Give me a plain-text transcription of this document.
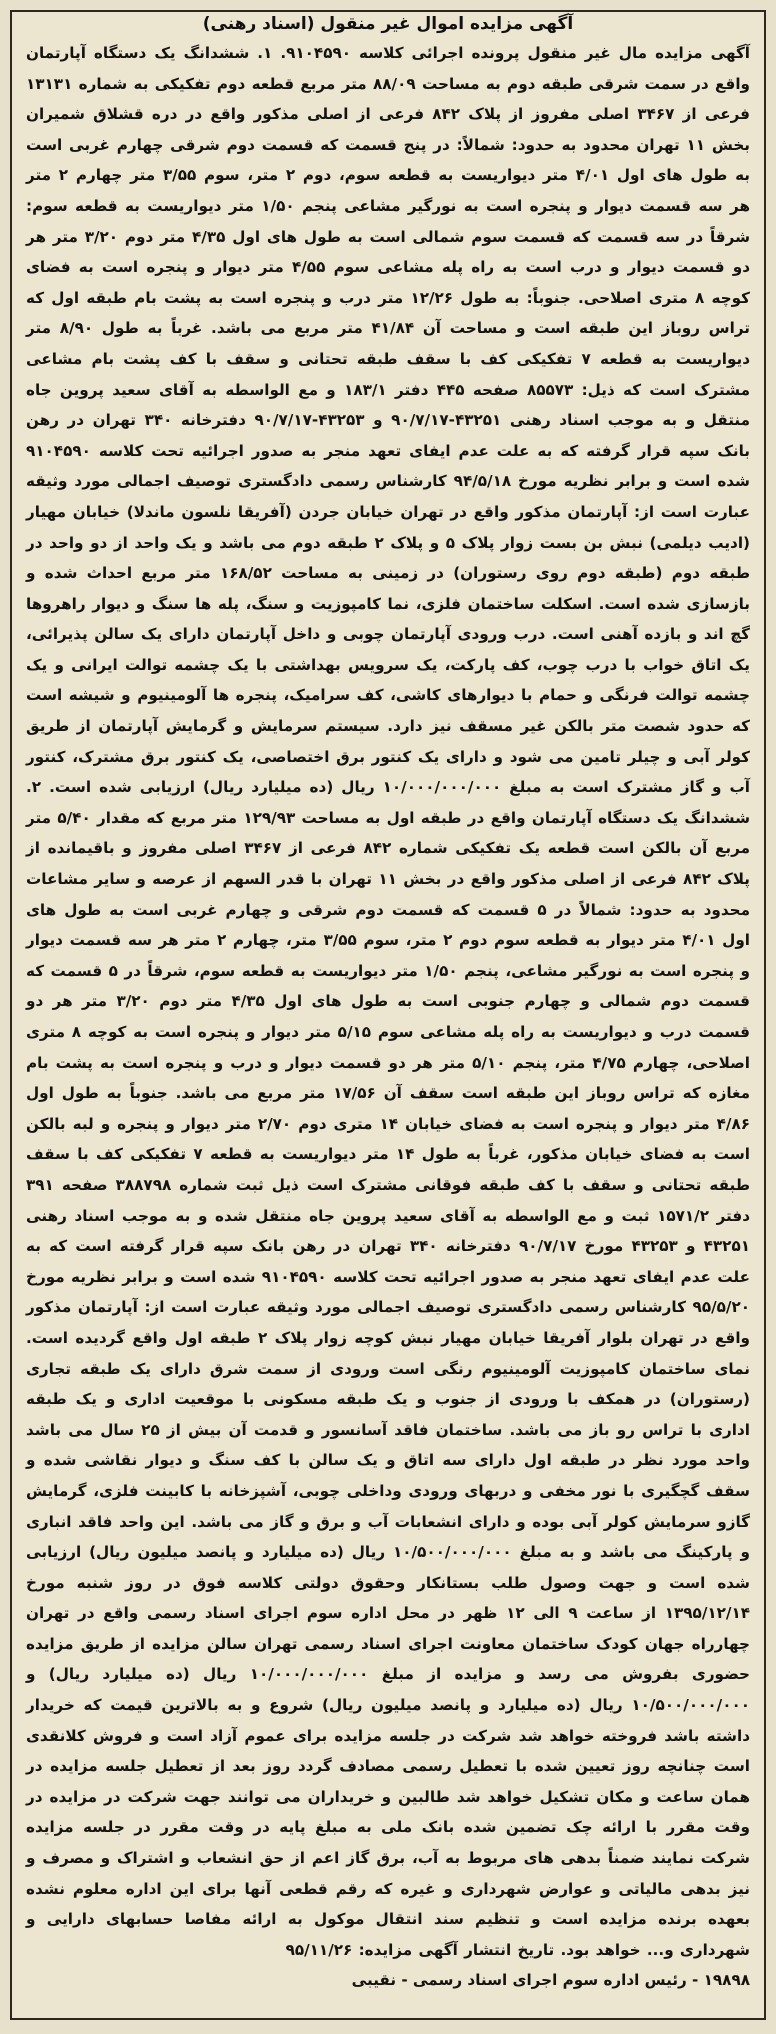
آگهی مزایده اموال غیر منقول (اسناد رهنی)

آگهی مزایده مال غیر منقول پرونده اجرائی کلاسه ۹۱۰۴۵۹۰. ۱. ششدانگ یک دستگاه آپارتمان واقع در سمت شرقی طبقه دوم به مساحت ۸۸/۰۹ متر مربع قطعه دوم تفکیکی به شماره ۱۳۱۳۱ فرعی از ۳۴۶۷ اصلی مفروز از پلاک ۸۴۲ فرعی از اصلی مذکور واقع در دره قشلاق شمیران بخش ۱۱ تهران محدود به حدود: شمالاً: در پنج قسمت که قسمت دوم شرقی چهارم غربی است به طول های اول ۴/۰۱ متر دیواریست به قطعه سوم، دوم ۲ متر، سوم ۳/۵۵ متر چهارم ۲ متر هر سه قسمت دیوار و پنجره است به نورگیر مشاعی پنجم ۱/۵۰ متر دیواریست به قطعه سوم: شرقاً در سه قسمت که قسمت سوم شمالی است به طول های اول ۴/۳۵ متر دوم ۳/۲۰ متر هر دو قسمت دیوار و درب است به راه پله مشاعی سوم ۴/۵۵ متر دیوار و پنجره است به فضای کوچه ۸ متری اصلاحی. جنوباً: به طول ۱۲/۲۶ متر درب و پنجره است به پشت بام طبقه اول که تراس روباز این طبقه است و مساحت آن ۴۱/۸۴ متر مربع می باشد. غرباً به طول ۸/۹۰ متر دیواریست به قطعه ۷ تفکیکی کف با سقف طبقه تحتانی و سقف با کف پشت بام مشاعی مشترک است که ذیل: ۸۵۵۷۳ صفحه ۴۴۵ دفتر ۱۸۳/۱ و مع الواسطه به آقای سعید پروین جاه منتقل و به موجب اسناد رهنی ۴۳۲۵۱-۹۰/۷/۱۷ و ۴۳۲۵۳-۹۰/۷/۱۷ دفترخانه ۳۴۰ تهران در رهن بانک سپه قرار گرفته که به علت عدم ایفای تعهد منجر به صدور اجرائیه تحت کلاسه ۹۱۰۴۵۹۰ شده است و برابر نظریه مورخ ۹۴/۵/۱۸ کارشناس رسمی دادگستری توصیف اجمالی مورد وثیقه عبارت است از: آپارتمان مذکور واقع در تهران خیابان جردن (آفریقا نلسون ماندلا) خیابان مهیار (ادیب دیلمی) نبش بن بست زوار پلاک ۵ و پلاک ۲ طبقه دوم می باشد و یک واحد از دو واحد در طبقه دوم (طبقه دوم روی رستوران) در زمینی به مساحت ۱۶۸/۵۲ متر مربع احداث شده و بازسازی شده است. اسکلت ساختمان فلزی، نما کامپوزیت و سنگ، پله ها سنگ و دیوار راهروها گچ اند و بازده آهنی است. درب ورودی آپارتمان چوبی و داخل آپارتمان دارای یک سالن پذیرائی، یک اتاق خواب با درب چوب، کف پارکت، یک سرویس بهداشتی با یک چشمه توالت ایرانی و یک چشمه توالت فرنگی و حمام با دیوارهای کاشی، کف سرامیک، پنجره ها آلومینیوم و شیشه است که حدود شصت متر بالکن غیر مسقف نیز دارد. سیستم سرمایش و گرمایش آپارتمان از طریق کولر آبی و چیلر تامین می شود و دارای یک کنتور برق اختصاصی، یک کنتور برق مشترک، کنتور آب و گاز مشترک است به مبلغ ۱۰/۰۰۰/۰۰۰/۰۰۰ ریال (ده میلیارد ریال) ارزیابی شده است. ۲. ششدانگ یک دستگاه آپارتمان واقع در طبقه اول به مساحت ۱۲۹/۹۳ متر مربع که مقدار ۵/۴۰ متر مربع آن بالکن است قطعه یک تفکیکی شماره ۸۴۲ فرعی از ۳۴۶۷ اصلی مفروز و باقیمانده از پلاک ۸۴۲ فرعی از اصلی مذکور واقع در بخش ۱۱ تهران با قدر السهم از عرصه و سایر مشاعات محدود به حدود: شمالاً در ۵ قسمت که قسمت دوم شرقی و چهارم غربی است به طول های اول ۴/۰۱ متر دیوار به قطعه سوم دوم ۲ متر، سوم ۳/۵۵ متر، چهارم ۲ متر هر سه قسمت دیوار و پنجره است به نورگیر مشاعی، پنجم ۱/۵۰ متر دیواریست به قطعه سوم، شرقاً در ۵ قسمت که قسمت دوم شمالی و چهارم جنوبی است به طول های اول ۴/۳۵ متر دوم ۳/۲۰ متر هر دو قسمت درب و دیواریست به راه پله مشاعی سوم ۵/۱۵ متر دیوار و پنجره است به کوچه ۸ متری اصلاحی، چهارم ۴/۷۵ متر، پنجم ۵/۱۰ متر هر دو قسمت دیوار و درب و پنجره است به پشت بام مغازه که تراس روباز این طبقه است سقف آن ۱۷/۵۶ متر مربع می باشد. جنوباً به طول اول ۴/۸۶ متر دیوار و پنجره است به فضای خیابان ۱۴ متری دوم ۲/۷۰ متر دیوار و پنجره و لبه بالکن است به فضای خیابان مذکور، غرباً به طول ۱۴ متر دیواریست به قطعه ۷ تفکیکی کف با سقف طبقه تحتانی و سقف با کف طبقه فوقانی مشترک است ذیل ثبت شماره ۳۸۸۷۹۸ صفحه ۳۹۱ دفتر ۱۵۷۱/۲ ثبت و مع الواسطه به آقای سعید پروین جاه منتقل شده و به موجب اسناد رهنی ۴۳۲۵۱ و ۴۳۲۵۳ مورخ ۹۰/۷/۱۷ دفترخانه ۳۴۰ تهران در رهن بانک سپه قرار گرفته است که به علت عدم ایفای تعهد منجر به صدور اجرائیه تحت کلاسه ۹۱۰۴۵۹۰ شده است و برابر نظریه مورخ ۹۵/۵/۲۰ کارشناس رسمی دادگستری توصیف اجمالی مورد وثیقه عبارت است از: آپارتمان مذکور واقع در تهران بلوار آفریقا خیابان مهیار نبش کوچه زوار پلاک ۲ طبقه اول واقع گردیده است. نمای ساختمان کامپوزیت آلومینیوم رنگی است ورودی از سمت شرق دارای یک طبقه تجاری (رستوران) در همکف با ورودی از جنوب و یک طبقه مسکونی با موقعیت اداری و یک طبقه اداری با تراس رو باز می باشد. ساختمان فاقد آسانسور و قدمت آن بیش از ۲۵ سال می باشد واحد مورد نظر در طبقه اول دارای سه اتاق و یک سالن با کف سنگ و دیوار نقاشی شده و سقف گچگیری با نور مخفی و دربهای ورودی وداخلی چوبی، آشپزخانه با کابینت فلزی، گرمایش گازو سرمایش کولر آبی بوده و دارای انشعابات آب و برق و گاز می باشد. این واحد فاقد انباری و پارکینگ می باشد و به مبلغ ۱۰/۵۰۰/۰۰۰/۰۰۰ ریال (ده میلیارد و پانصد میلیون ریال) ارزیابی شده است و جهت وصول طلب بستانکار وحقوق دولتی کلاسه فوق در روز شنبه مورخ ۱۳۹۵/۱۲/۱۴ از ساعت ۹ الی ۱۲ ظهر در محل اداره سوم اجرای اسناد رسمی واقع در تهران چهارراه جهان کودک ساختمان معاونت اجرای اسناد رسمی تهران سالن مزایده از طریق مزایده حضوری بفروش می رسد و مزایده از مبلغ ۱۰/۰۰۰/۰۰۰/۰۰۰ ریال (ده میلیارد ریال) و ۱۰/۵۰۰/۰۰۰/۰۰۰ ریال (ده میلیارد و پانصد میلیون ریال) شروع و به بالاترین قیمت که خریدار داشته باشد فروخته خواهد شد شرکت در جلسه مزایده برای عموم آزاد است و فروش کلانقدی است چنانچه روز تعیین شده با تعطیل رسمی مصادف گردد روز بعد از تعطیل جلسه مزایده در همان ساعت و مکان تشکیل خواهد شد طالبین و خریداران می توانند جهت شرکت در مزایده در وقت مقرر با ارائه چک تضمین شده بانک ملی به مبلغ پایه در وقت مقرر در جلسه مزایده شرکت نمایند ضمناً بدهی های مربوط به آب، برق گاز اعم از حق انشعاب و اشتراک و مصرف و نیز بدهی مالیاتی و عوارض شهرداری و غیره که رقم قطعی آنها برای این اداره معلوم نشده بعهده برنده مزایده است و تنظیم سند انتقال موکول به ارائه مفاصا حسابهای دارایی و شهرداری و... خواهد بود. تاریخ انتشار آگهی مزایده: ۹۵/۱۱/۲۶

۱۹۸۹۸ - رئیس اداره سوم اجرای اسناد رسمی - نقیبی
